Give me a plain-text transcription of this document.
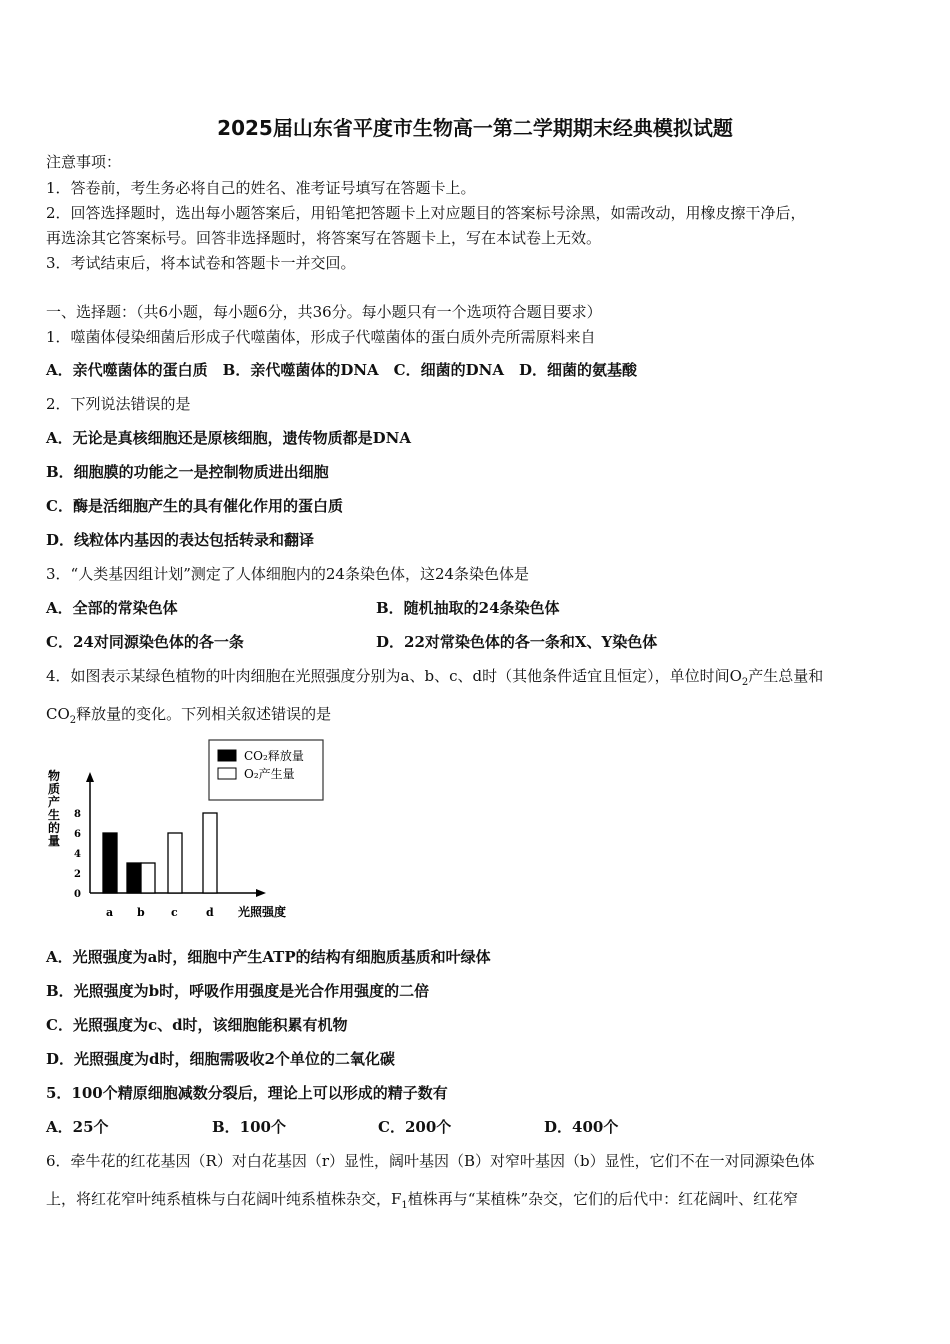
2025届山东省平度市生物高一第二学期期末经典模拟试题
注意事项：
1．答卷前，考生务必将自己的姓名、准考证号填写在答题卡上。
2．回答选择题时，选出每小题答案后，用铅笔把答题卡上对应题目的答案标号涂黑，如需改动，用橡皮擦干净后，
再选涂其它答案标号。回答非选择题时，将答案写在答题卡上，写在本试卷上无效。
3．考试结束后，将本试卷和答题卡一并交回。
一、选择题：（共6小题，每小题6分，共36分。每小题只有一个选项符合题目要求）
1．噬菌体侵染细菌后形成子代噬菌体，形成子代噬菌体的蛋白质外壳所需原料来自
A．亲代噬菌体的蛋白质　B．亲代噬菌体的DNA　C．细菌的DNA　D．细菌的氨基酸
2．下列说法错误的是
A．无论是真核细胞还是原核细胞，遗传物质都是DNA
B．细胞膜的功能之一是控制物质进出细胞
C．酶是活细胞产生的具有催化作用的蛋白质
D．线粒体内基因的表达包括转录和翻译
3．“人类基因组计划”测定了人体细胞内的24条染色体，这24条染色体是
A．全部的常染色体	B．随机抽取的24条染色体
C．24对同源染色体的各一条	D．22对常染色体的各一条和X、Y染色体
4．如图表示某绿色植物的叶肉细胞在光照强度分别为a、b、c、d时（其他条件适宜且恒定），单位时间$O_2$产生总量和
$CO_2$释放量的变化。下列相关叙述错误的是
CO₂释放量
O₂产生量
物
质
产
生
的
量
8
6
4
2
0
a b c	d 光照强度
A．光照强度为a时，细胞中产生ATP的结构有细胞质基质和叶绿体
B．光照强度为b时，呼吸作用强度是光合作用强度的二倍
C．光照强度为c、d时，该细胞能积累有机物
D．光照强度为d时，细胞需吸收2个单位的二氧化碳
5．100个精原细胞减数分裂后，理论上可以形成的精子数有
A．25个	B．100个	C．200个	D．400个
6．牵牛花的红花基因（R）对白花基因（r）显性，阔叶基因（B）对窄叶基因（b）显性，它们不在一对同源染色体
上，将红花窄叶纯系植株与白花阔叶纯系植株杂交，$F_1$植株再与“某植株”杂交，它们的后代中：红花阔叶、红花窄
